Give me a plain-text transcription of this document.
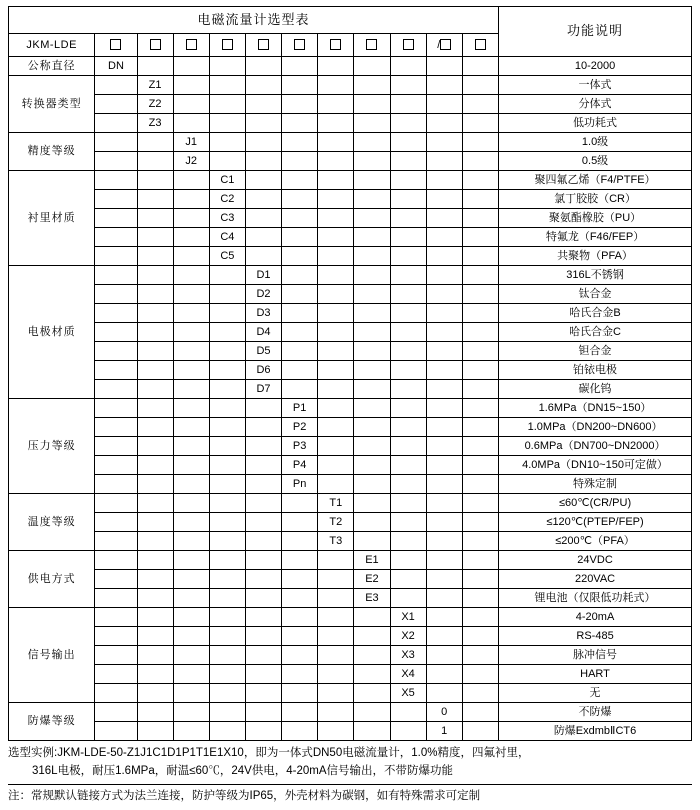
电磁流量计选型表												功能说明
JKM-LDE										/		
公称直径	DN											10-2000
转换器类型		Z1										一体式
		Z2										分体式
		Z3										低功耗式
精度等级			J1									1.0级
			J2									0.5级
衬里材质				C1								聚四氟乙烯（F4/PTFE）
				C2								氯丁胶胶（CR）
				C3								聚氨酯橡胶（PU）
				C4								特氟龙（F46/FEP）
				C5								共聚物（PFA）
电极材质					D1							316L不锈钢
					D2							钛合金
					D3							哈氏合金B
					D4							哈氏合金C
					D5							钽合金
					D6							铂铱电极
					D7							碳化钨
压力等级						P1						1.6MPa（DN15~150）
						P2						1.0MPa（DN200~DN600）
						P3						0.6MPa（DN700~DN2000）
						P4						4.0MPa（DN10~150可定做）
						Pn						特殊定制
温度等级							T1					≤60℃(CR/PU)
							T2					≤120℃(PTEP/FEP)
							T3					≤200℃（PFA）
供电方式								E1				24VDC
								E2				220VAC
								E3				锂电池（仅限低功耗式）
信号输出									X1			4-20mA
									X2			RS-485
									X3			脉冲信号
									X4			HART
									X5			无
防爆等级										0		不防爆
										1		防爆ExdmbⅡCT6
选型实例:JKM-LDE-50-Z1J1C1D1P1T1E1X10，即为一体式DN50电磁流量计，1.0%精度，四氟衬里，
316L电极，耐压1.6MPa，耐温≤60℃，24V供电，4-20mA信号输出，不带防爆功能
注：常规默认链接方式为法兰连接，防护等级为IP65，外壳材料为碳钢，如有特殊需求可定制
